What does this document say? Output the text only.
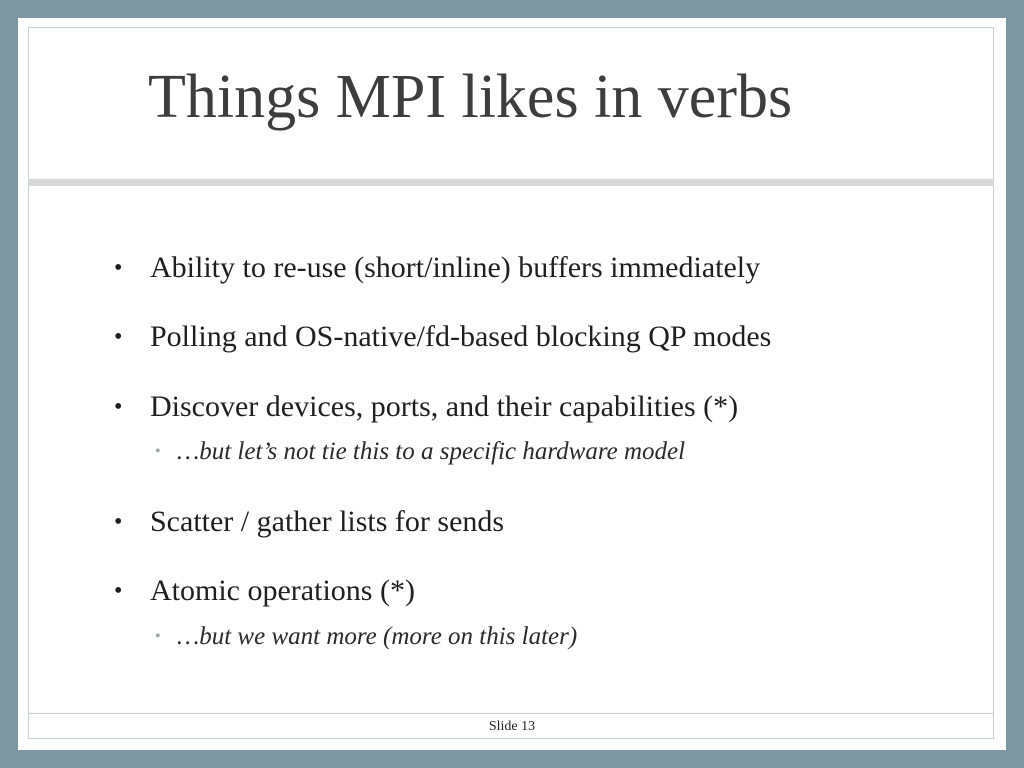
Things MPI likes in verbs

• Ability to re-use (short/inline) buffers immediately

• Polling and OS-native/fd-based blocking QP modes

• Discover devices, ports, and their capabilities (*)

• …but let’s not tie this to a specific hardware model

• Scatter / gather lists for sends

• Atomic operations (*)

• …but we want more (more on this later)

Slide 13
